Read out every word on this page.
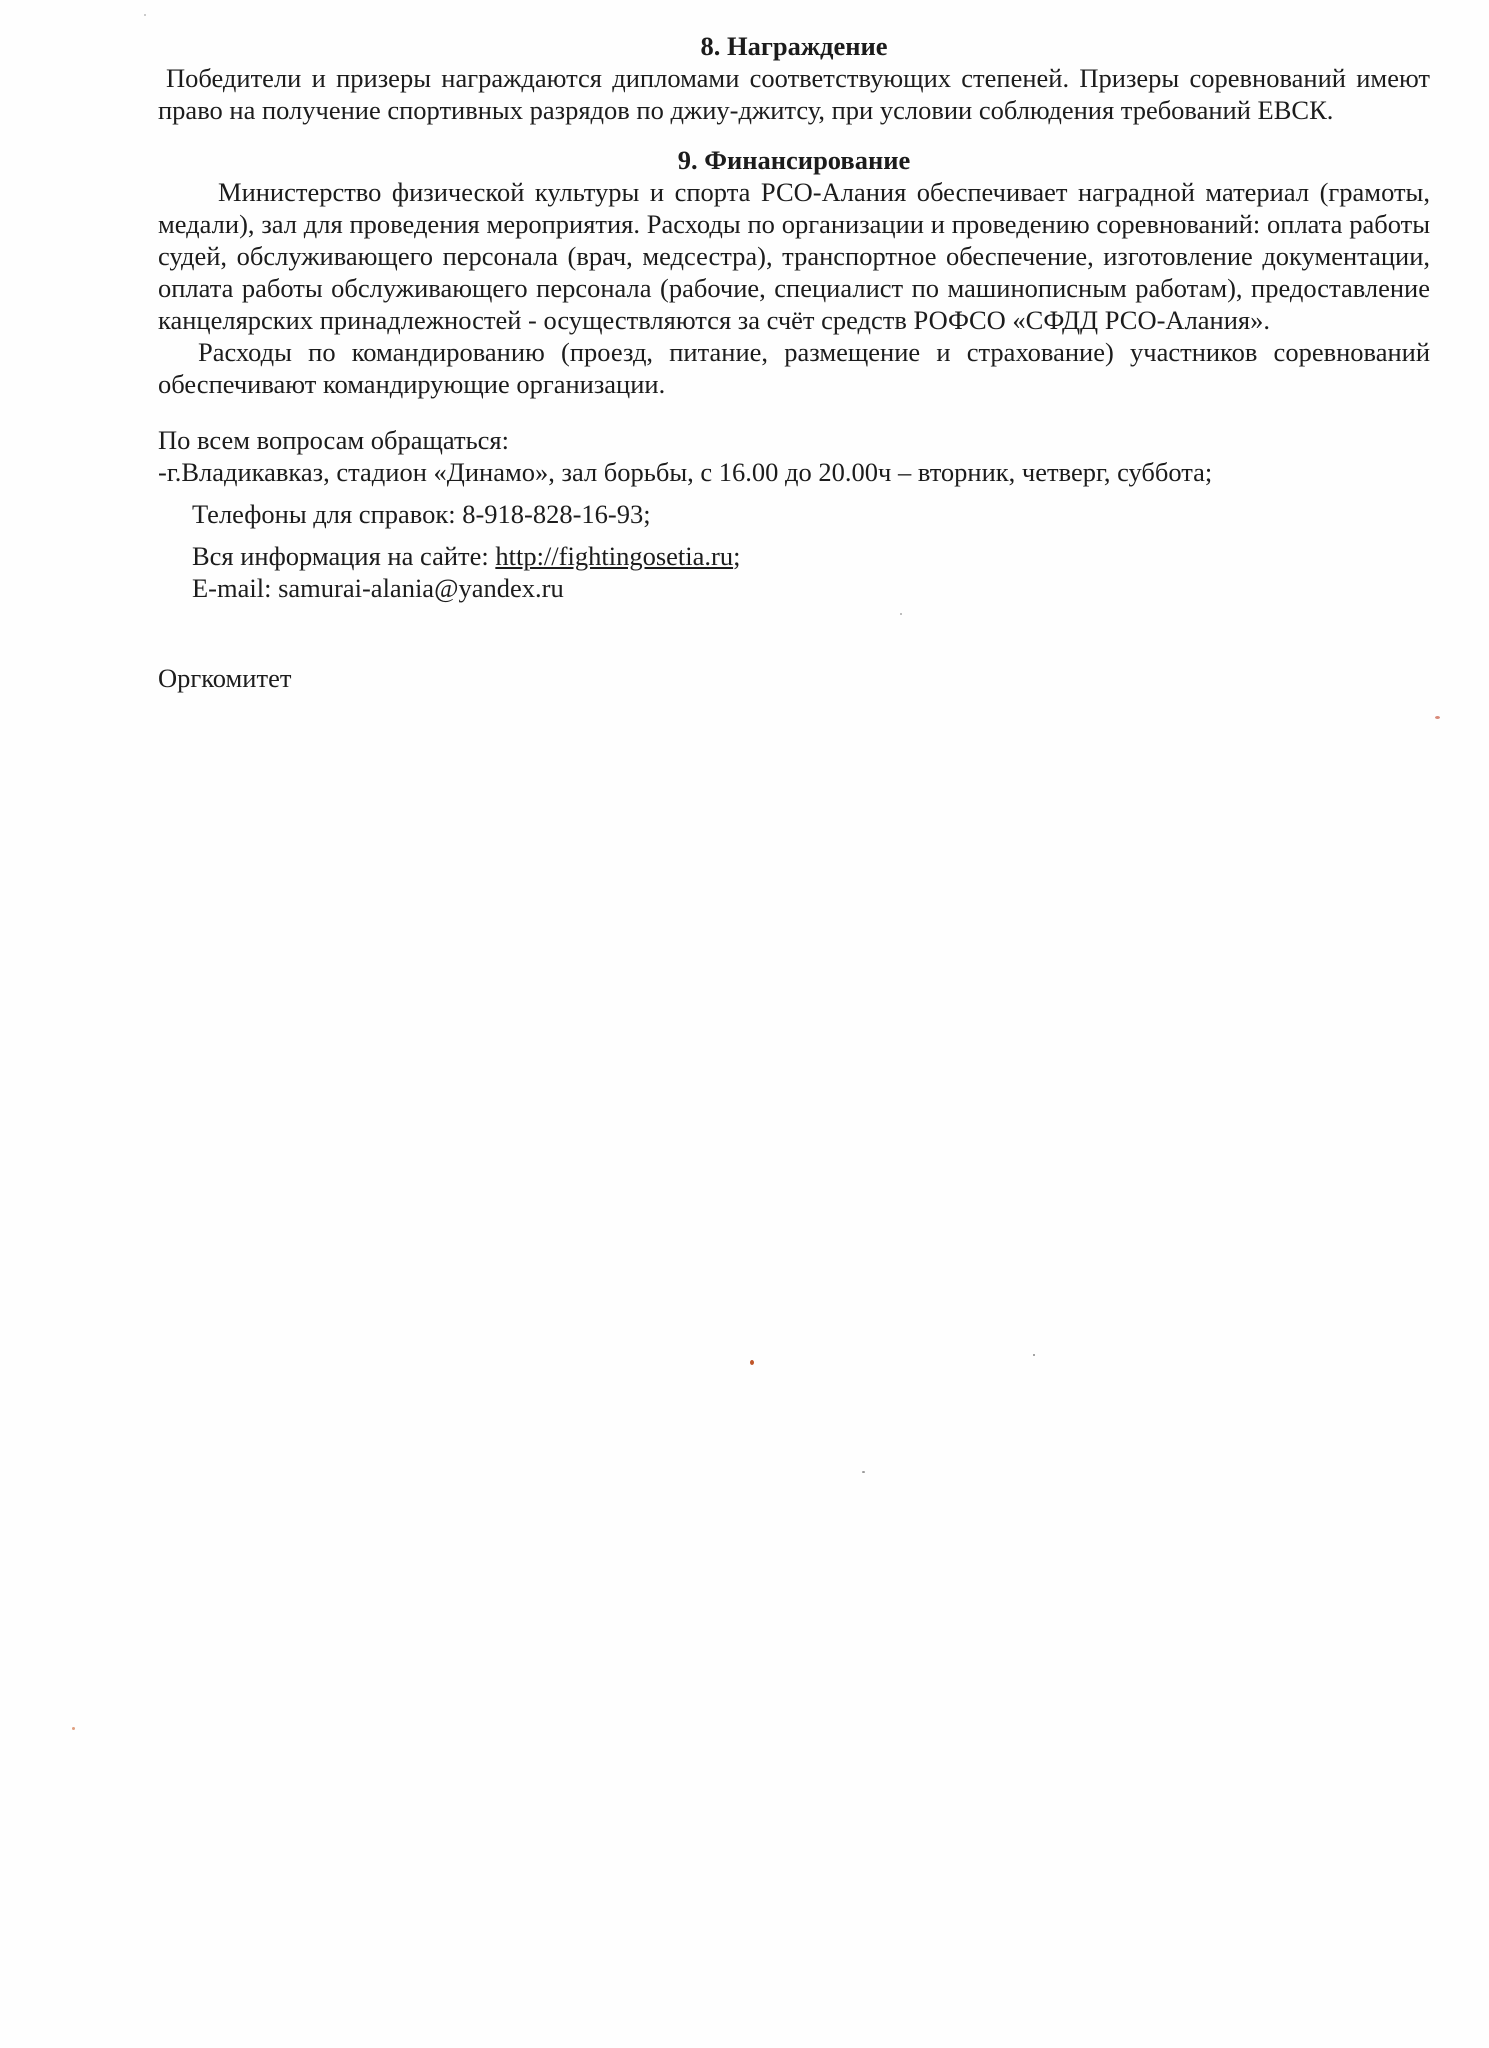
8. Награждение

Победители и призеры награждаются дипломами соответствующих степеней. Призеры соревнований имеют право на получение спортивных разрядов по джиу-джитсу, при условии соблюдения требований ЕВСК.

9. Финансирование

Министерство физической культуры и спорта РСО-Алания обеспечивает наградной материал (грамоты, медали), зал для проведения мероприятия. Расходы по организации и проведению соревнований: оплата работы судей, обслуживающего персонала (врач, медсестра), транспортное обеспечение, изготовление документации, оплата работы обслуживающего персонала (рабочие, специалист по машинописным работам), предоставление канцелярских принадлежностей - осуществляются за счёт средств РОФСО «СФДД РСО-Алания».

Расходы по командированию (проезд, питание, размещение и страхование) участников соревнований обеспечивают командирующие организации.

По всем вопросам обращаться:

-г.Владикавказ, стадион «Динамо», зал борьбы, с 16.00 до 20.00ч – вторник, четверг, суббота;

Телефоны для справок: 8-918-828-16-93;

Вся информация на сайте: http://fightingosetia.ru;

E-mail: samurai-alania@yandex.ru

Оргкомитет
